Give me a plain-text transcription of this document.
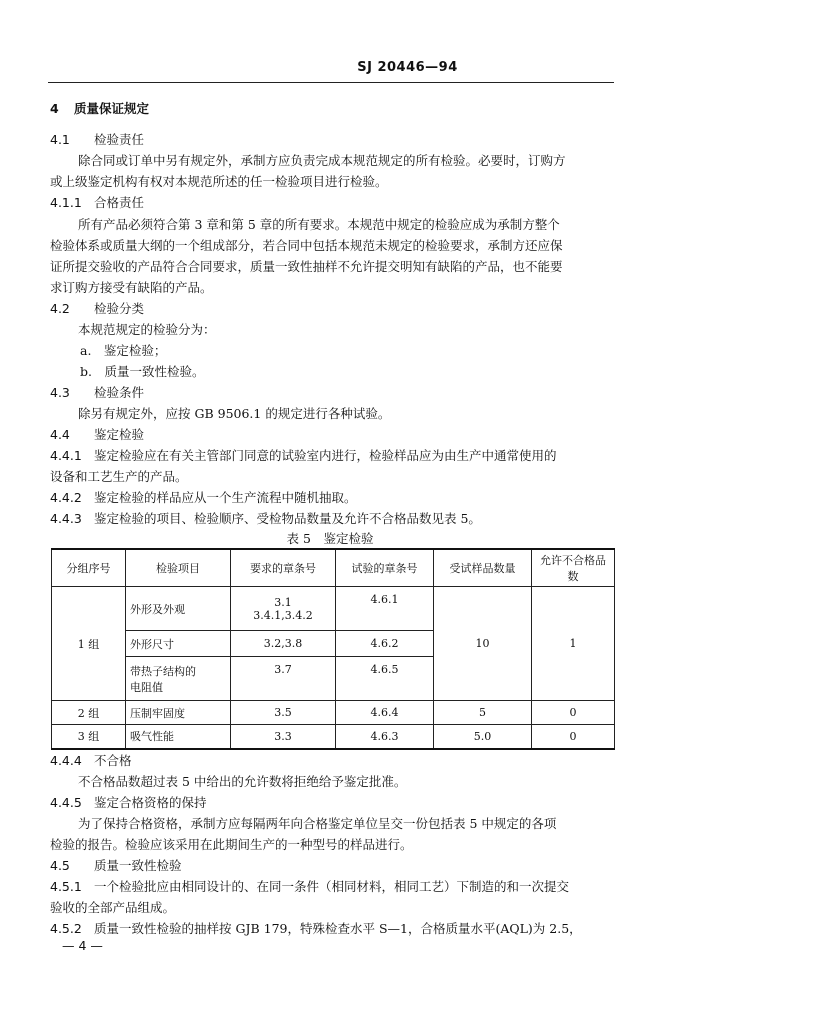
SJ 20446—94
4 质量保证规定
4.1 检验责任
除合同或订单中另有规定外，承制方应负责完成本规范规定的所有检验。必要时，订购方
或上级鉴定机构有权对本规范所述的任一检验项目进行检验。
4.1.1 合格责任
所有产品必须符合第 3 章和第 5 章的所有要求。本规范中规定的检验应成为承制方整个
检验体系或质量大纲的一个组成部分，若合同中包括本规范未规定的检验要求，承制方还应保
证所提交验收的产品符合合同要求，质量一致性抽样不允许提交明知有缺陷的产品，也不能要
求订购方接受有缺陷的产品。
4.2 检验分类
本规范规定的检验分为：
a.　鉴定检验；
b.　质量一致性检验。
4.3 检验条件
除另有规定外，应按 GB 9506.1 的规定进行各种试验。
4.4 鉴定检验
4.4.1 鉴定检验应在有关主管部门同意的试验室内进行，检验样品应为由生产中通常使用的
设备和工艺生产的产品。
4.4.2 鉴定检验的样品应从一个生产流程中随机抽取。
4.4.3 鉴定检验的项目、检验顺序、受检物品数量及允许不合格品数见表 5。
表 5　鉴定检验
分组序号	检验项目	要求的章条号	试验的章条号	受试样品数量	允许不合格品数
1 组	外形及外观	3.1
3.4.1,3.4.2	4.6.1	10	1
	外形尺寸	3.2,3.8	4.6.2		
	带热子结构的
电阻值	3.7	4.6.5		
2 组	压制牢固度	3.5	4.6.4	5	0
3 组	吸气性能	3.3	4.6.3	5.0	0
4.4.4 不合格
不合格品数超过表 5 中给出的允许数将拒绝给予鉴定批准。
4.4.5 鉴定合格资格的保持
为了保持合格资格，承制方应每隔两年向合格鉴定单位呈交一份包括表 5 中规定的各项
检验的报告。检验应该采用在此期间生产的一种型号的样品进行。
4.5 质量一致性检验
4.5.1 一个检验批应由相同设计的、在同一条件（相同材料，相同工艺）下制造的和一次提交
验收的全部产品组成。
4.5.2 质量一致性检验的抽样按 GJB 179，特殊检查水平 S—1，合格质量水平(AQL)为 2.5，
— 4 —
